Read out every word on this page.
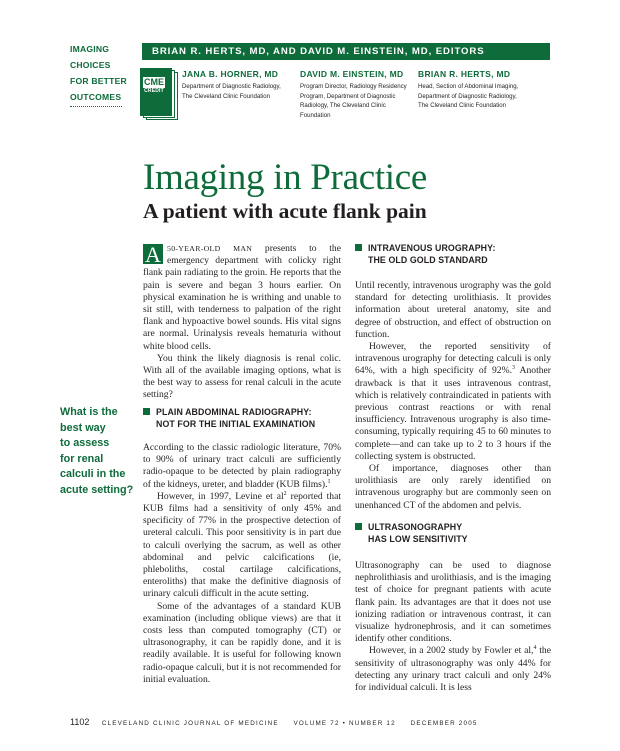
IMAGING
CHOICES
FOR BETTER
OUTCOMES
BRIAN R. HERTS, MD, AND DAVID M. EINSTEIN, MD, EDITORS
CME
CREDIT
JANA B. HORNER, MD
Department of Diagnostic Radiology,
The Cleveland Clinic Foundation
DAVID M. EINSTEIN, MD
Program Director, Radiology Residency
Program, Department of Diagnostic
Radiology, The Cleveland Clinic
Foundation
BRIAN R. HERTS, MD
Head, Section of Abdominal Imaging,
Department of Diagnostic Radiology,
The Cleveland Clinic Foundation
Imaging in Practice
A patient with acute flank pain

A 50-YEAR-OLD MAN presents to the emergency department with colicky right flank pain radiating to the groin. He reports that the pain is severe and began 3 hours earlier. On physical examination he is writhing and unable to sit still, with tenderness to palpation of the right flank and hypoactive bowel sounds. His vital signs are normal. Urinalysis reveals hematuria without white blood cells.

You think the likely diagnosis is renal colic. With all of the available imaging options, what is the best way to assess for renal calculi in the acute setting?

What is the
best way
to assess
for renal
calculi in the
acute setting?
PLAIN ABDOMINAL RADIOGRAPHY:
NOT FOR THE INITIAL EXAMINATION

According to the classic radiologic literature, 70% to 90% of urinary tract calculi are sufficiently radio-opaque to be detected by plain radiography of the kidneys, ureter, and bladder (KUB films).$^1$

However, in 1997, Levine et $al^2$ reported that KUB films had a sensitivity of only 45% and specificity of 77% in the prospective detection of ureteral calculi. This poor sensitivity is in part due to calculi overlying the sacrum, as well as other abdominal and pelvic calcifications (ie, phleboliths, costal cartilage calcifications, enteroliths) that make the definitive diagnosis of urinary calculi difficult in the acute setting.

Some of the advantages of a standard KUB examination (including oblique views) are that it costs less than computed tomography (CT) or ultrasonography, it can be rapidly done, and it is readily available. It is useful for following known radio-opaque calculi, but it is not recommended for initial evaluation.

INTRAVENOUS UROGRAPHY:
THE OLD GOLD STANDARD

Until recently, intravenous urography was the gold standard for detecting urolithiasis. It provides information about ureteral anatomy, site and degree of obstruction, and effect of obstruction on function.

However, the reported sensitivity of intravenous urography for detecting calculi is only 64%, with a high specificity of 92%.$^3$ Another drawback is that it uses intravenous contrast, which is relatively contraindicated in patients with previous contrast reactions or with renal insufficiency. Intravenous urography is also time-consuming, typically requiring 45 to 60 minutes to complete—and can take up to 2 to 3 hours if the collecting system is obstructed.

Of importance, diagnoses other than urolithiasis are only rarely identified on intravenous urography but are commonly seen on unenhanced CT of the abdomen and pelvis.

ULTRASONOGRAPHY
HAS LOW SENSITIVITY

Ultrasonography can be used to diagnose nephrolithiasis and urolithiasis, and is the imaging test of choice for pregnant patients with acute flank pain. Its advantages are that it does not use ionizing radiation or intravenous contrast, it can visualize hydronephrosis, and it can sometimes identify other conditions.

However, in a 2002 study by Fowler et al,$^4$ the sensitivity of ultrasonography was only 44% for detecting any urinary tract calculi and only 24% for individual calculi. It is less

1102 CLEVELAND CLINIC JOURNAL OF MEDICINE     VOLUME 72 • NUMBER 12     DECEMBER 2005
